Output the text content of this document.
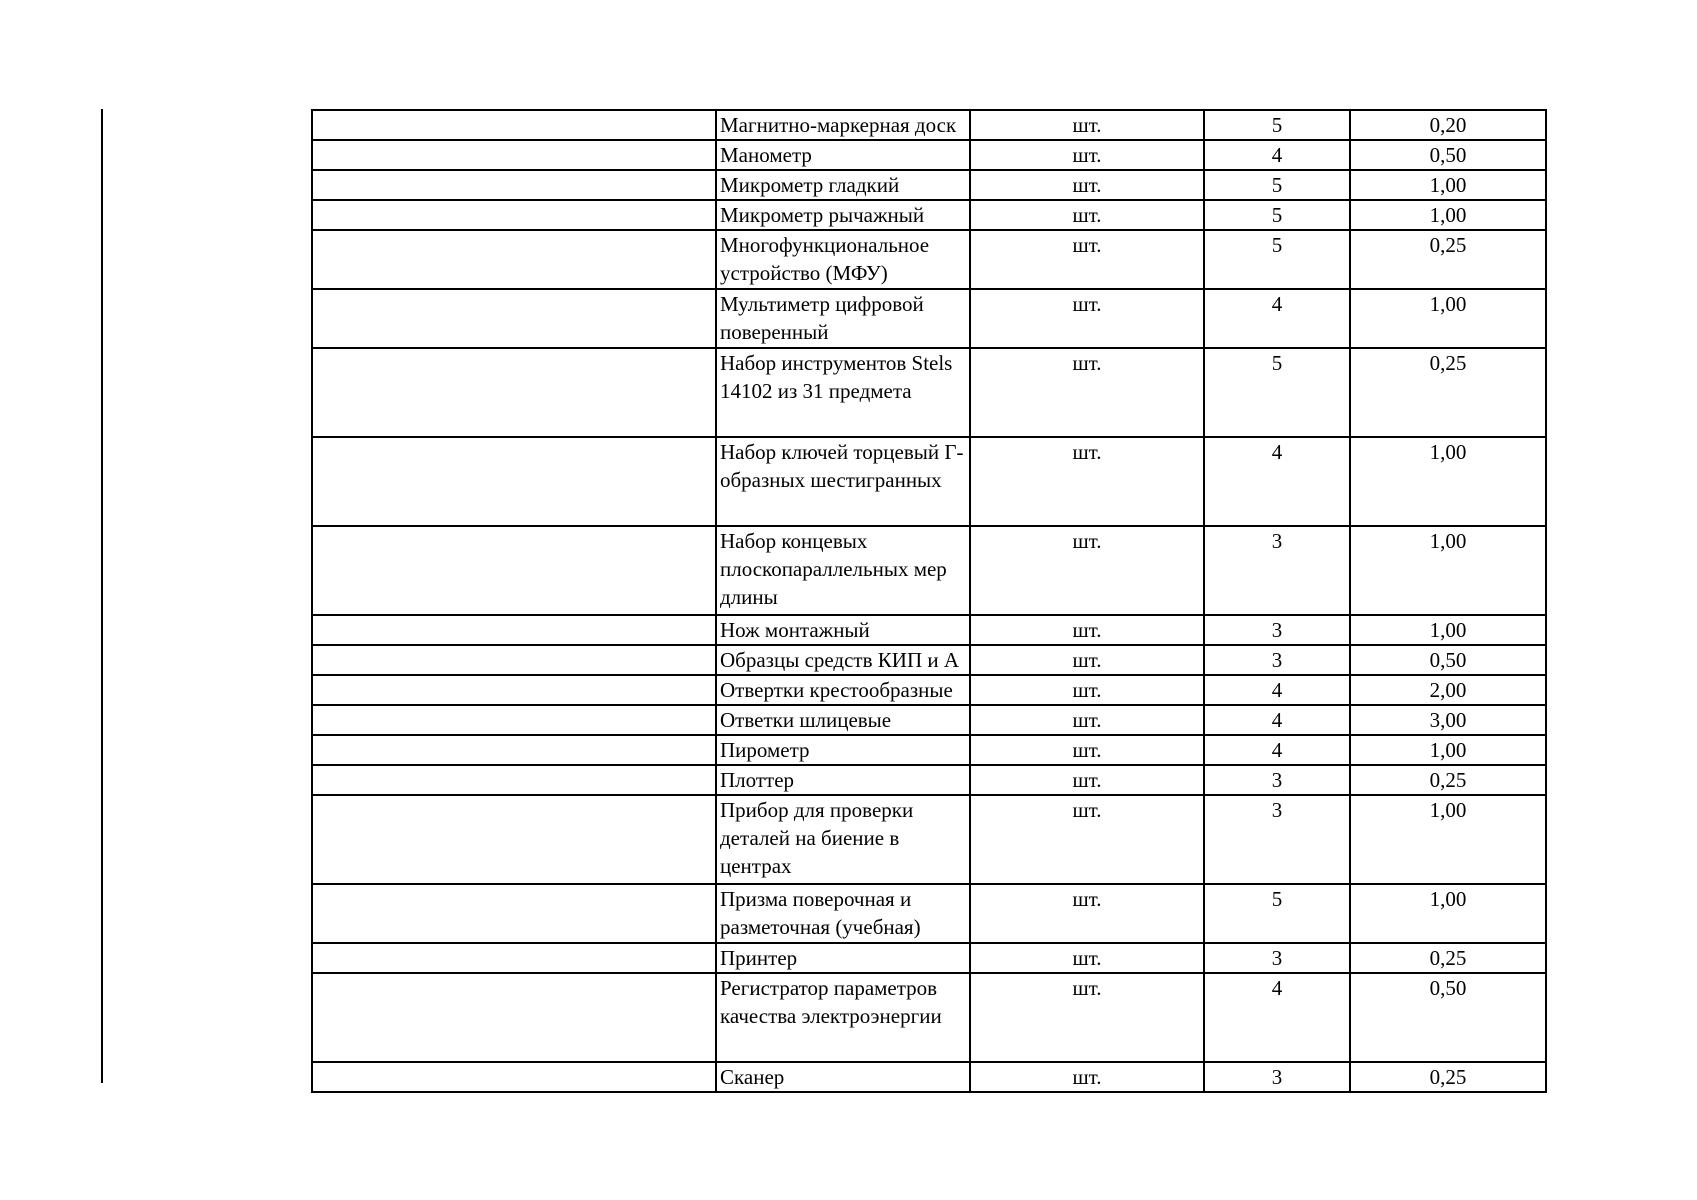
	Магнитно-маркерная доск	шт.	5	0,20
	Манометр	шт.	4	0,50
	Микрометр гладкий	шт.	5	1,00
	Микрометр рычажный	шт.	5	1,00
	Многофункциональное устройство (МФУ)	шт.	5	0,25
	Мультиметр цифровой поверенный	шт.	4	1,00
	Набор инструментов Stels 14102 из 31 предмета	шт.	5	0,25
	Набор ключей торцевый Г-образных шестигранных	шт.	4	1,00
	Набор концевых плоскопараллельных мер длины	шт.	3	1,00
	Нож монтажный	шт.	3	1,00
	Образцы средств КИП и А	шт.	3	0,50
	Отвертки крестообразные	шт.	4	2,00
	Ответки шлицевые	шт.	4	3,00
	Пирометр	шт.	4	1,00
	Плоттер	шт.	3	0,25
	Прибор для проверки деталей на биение в центрах	шт.	3	1,00
	Призма поверочная и разметочная (учебная)	шт.	5	1,00
	Принтер	шт.	3	0,25
	Регистратор параметров качества электроэнергии	шт.	4	0,50
	Сканер	шт.	3	0,25
